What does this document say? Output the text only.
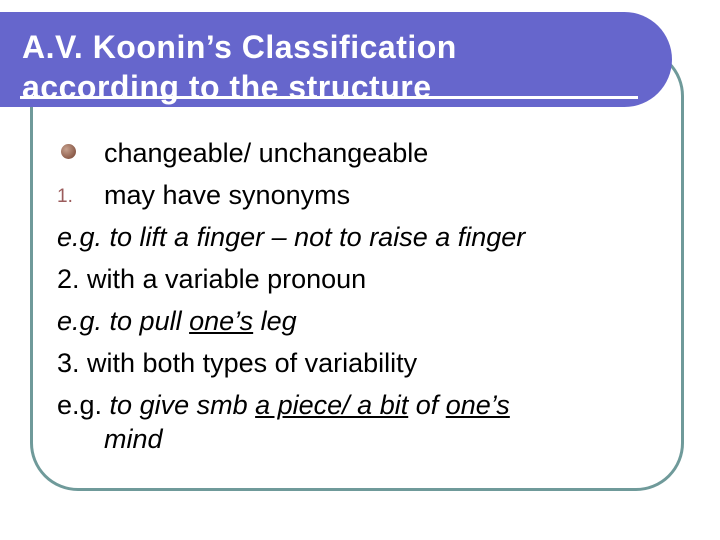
A.V. Koonin’s Classification
according to the structure
changeable/ unchangeable
1. may have synonyms
e.g. to lift a finger – not to raise a finger
2. with a variable pronoun
e.g. to pull one’s leg
3. with both types of variability
e.g. to give smb a piece/ a bit of one’s
mind
